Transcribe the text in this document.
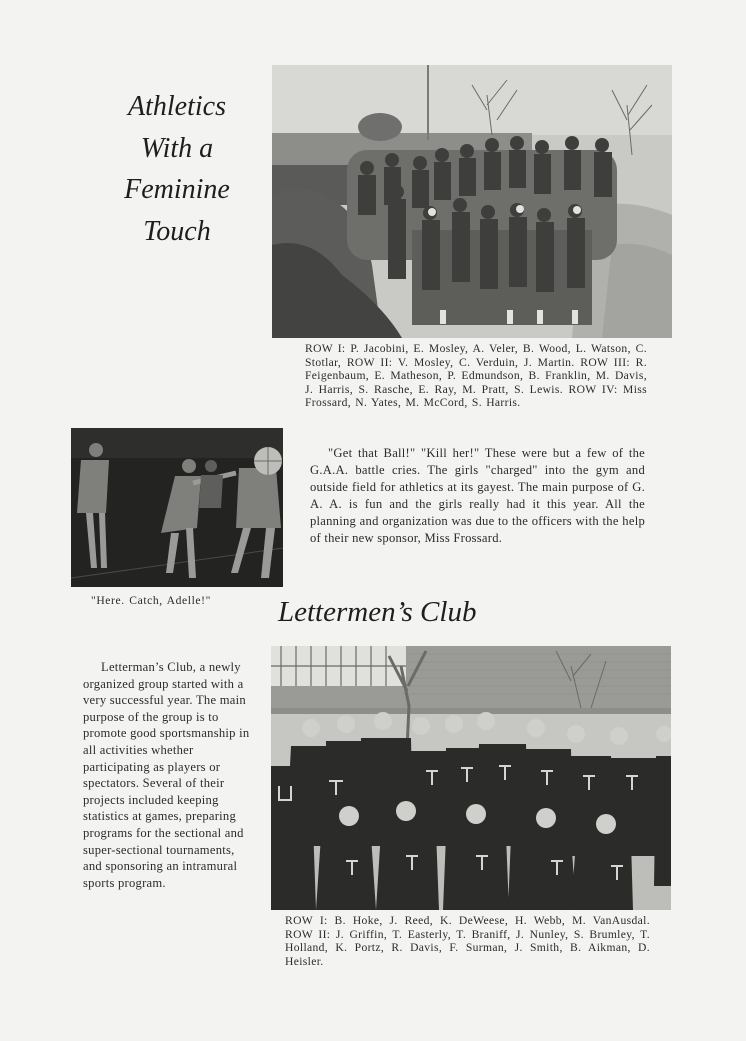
Athletics
With a
Feminine
Touch
ROW I: P. Jacobini, E. Mosley, A. Veler, B. Wood, L. Watson, C. Stotlar, ROW II: V. Mosley, C. Verduin, J. Martin. ROW III: R. Feigenbaum, E. Matheson, P. Edmundson, B. Franklin, M. Davis, J. Harris, S. Rasche, E. Ray, M. Pratt, S. Lewis. ROW IV: Miss Frossard, N. Yates, M. McCord, S. Harris.
"Here. Catch, Adelle!"

"Get that Ball!" "Kill her!" These were but a few of the G.A.A. battle cries. The girls "charged" into the gym and outside field for athletics at its gayest. The main purpose of G. A. A. is fun and the girls really had it this year. All the planning and organization was due to the officers with the help of their new sponsor, Miss Frossard.

Lettermen’s Club

Letterman’s Club, a newly organized group started with a very successful year. The main purpose of the group is to promote good sportsmanship in all activities whether participating as players or spectators. Several of their projects included keeping statistics at games, preparing programs for the sectional and super-sectional tournaments, and sponsoring an intramural sports program.

ROW I: B. Hoke, J. Reed, K. DeWeese, H. Webb, M. VanAusdal. ROW II: J. Griffin, T. Easterly, T. Braniff, J. Nunley, S. Brumley, T. Holland, K. Portz, R. Davis, F. Surman, J. Smith, B. Aikman, D. Heisler.
